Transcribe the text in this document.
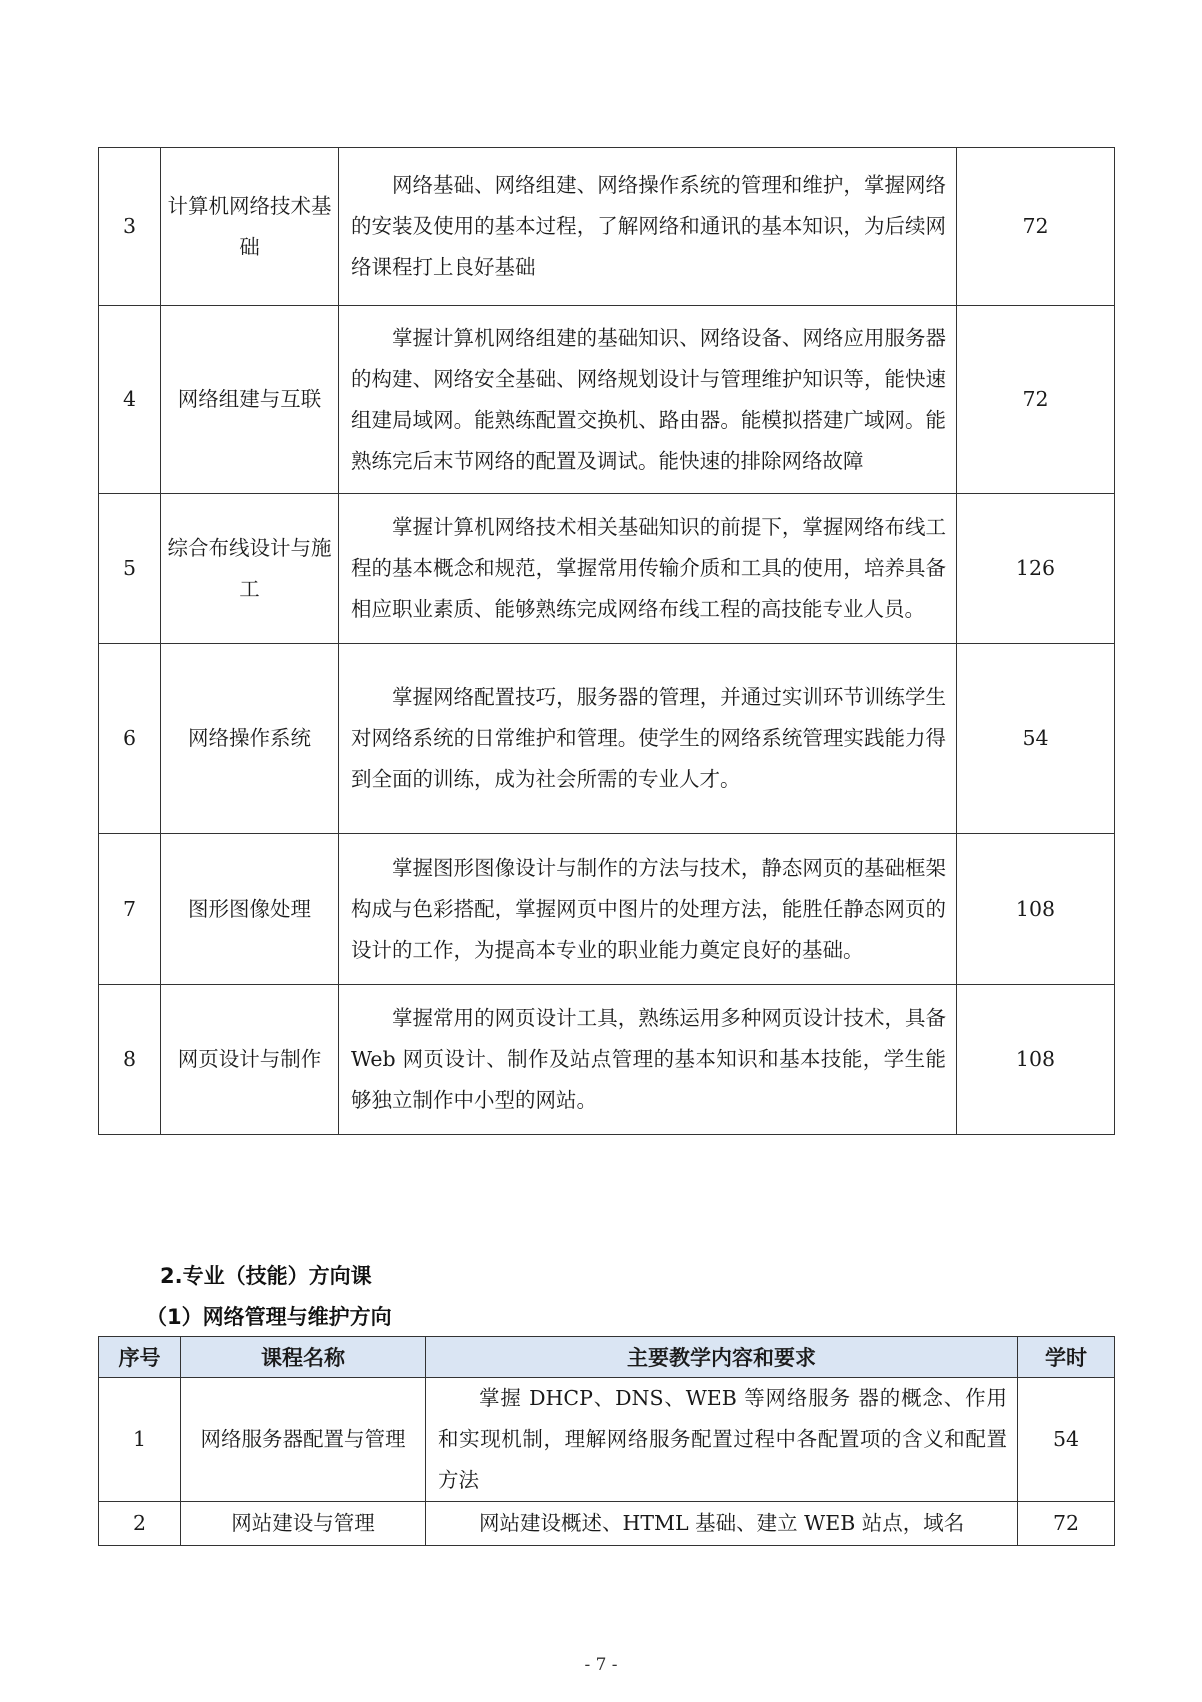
3	计算机网络技术基础	网络基础、网络组建、网络操作系统的管理和维护，掌握网络的安装及使用的基本过程，了解网络和通讯的基本知识，为后续网络课程打上良好基础	72
4	网络组建与互联	掌握计算机网络组建的基础知识、网络设备、网络应用服务器的构建、网络安全基础、网络规划设计与管理维护知识等，能快速组建局域网。能熟练配置交换机、路由器。能模拟搭建广域网。能熟练完后末节网络的配置及调试。能快速的排除网络故障	72
5	综合布线设计与施工	掌握计算机网络技术相关基础知识的前提下，掌握网络布线工程的基本概念和规范，掌握常用传输介质和工具的使用，培养具备相应职业素质、能够熟练完成网络布线工程的高技能专业人员。	126
6	网络操作系统	掌握网络配置技巧，服务器的管理，并通过实训环节训练学生对网络系统的日常维护和管理。使学生的网络系统管理实践能力得到全面的训练，成为社会所需的专业人才。	54
7	图形图像处理	掌握图形图像设计与制作的方法与技术，静态网页的基础框架构成与色彩搭配，掌握网页中图片的处理方法，能胜任静态网页的设计的工作，为提高本专业的职业能力奠定良好的基础。	108
8	网页设计与制作	掌握常用的网页设计工具，熟练运用多种网页设计技术，具备 Web 网页设计、制作及站点管理的基本知识和基本技能，学生能够独立制作中小型的网站。	108
2.专业（技能）方向课
（1）网络管理与维护方向
序号	课程名称	主要教学内容和要求	学时
1	网络服务器配置与管理	掌握 DHCP、DNS、WEB 等网络服务 器的概念、作用和实现机制，理解网络服务配置过程中各配置项的含义和配置方法	54
2	网站建设与管理	网站建设概述、HTML 基础、建立 WEB 站点，域名	72
- 7 -
